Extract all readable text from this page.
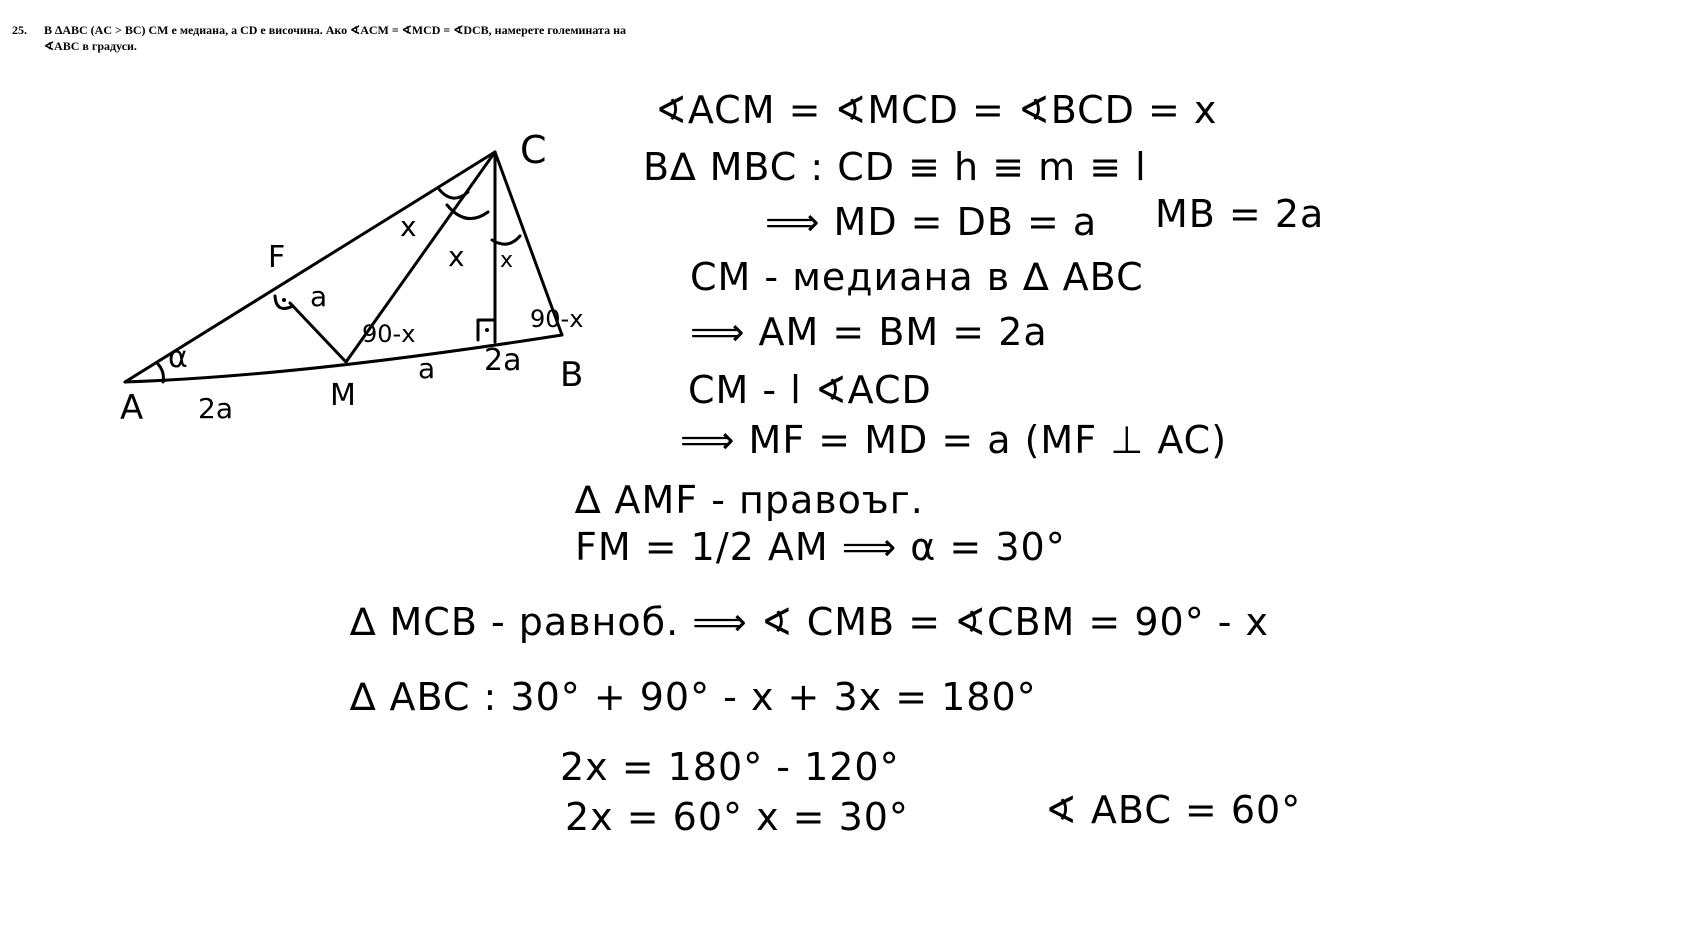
25. В ∆ABC (AC > BC) CM е медиана, а CD е височина. Ако ∢ACM = ∢MCD = ∢DCB, намерете големината на ∢ABC в градуси.
C
A	M
B
F
α
x
x x
a
90-x
90-x
a 2a
2a
∢ACM = ∢MCD = ∢BCD = x
В∆ MBC : CD ≡ h ≡ m ≡ l
⟹ MD = DB = a MB = 2a
CM - медиана в ∆ ABC
⟹ AM = BM = 2a
CM - l ∢ACD
⟹ MF = MD = a (MF ⊥ AC)
∆ AMF - правоъг.
FM = 1/2 AM ⟹ α = 30°
∆ MCB - равноб. ⟹ ∢ CMB = ∢CBM = 90° - x
∆ ABC : 30° + 90° - x + 3x = 180°
2x = 180° - 120°
2x = 60° x = 30°	∢ ABC = 60°
